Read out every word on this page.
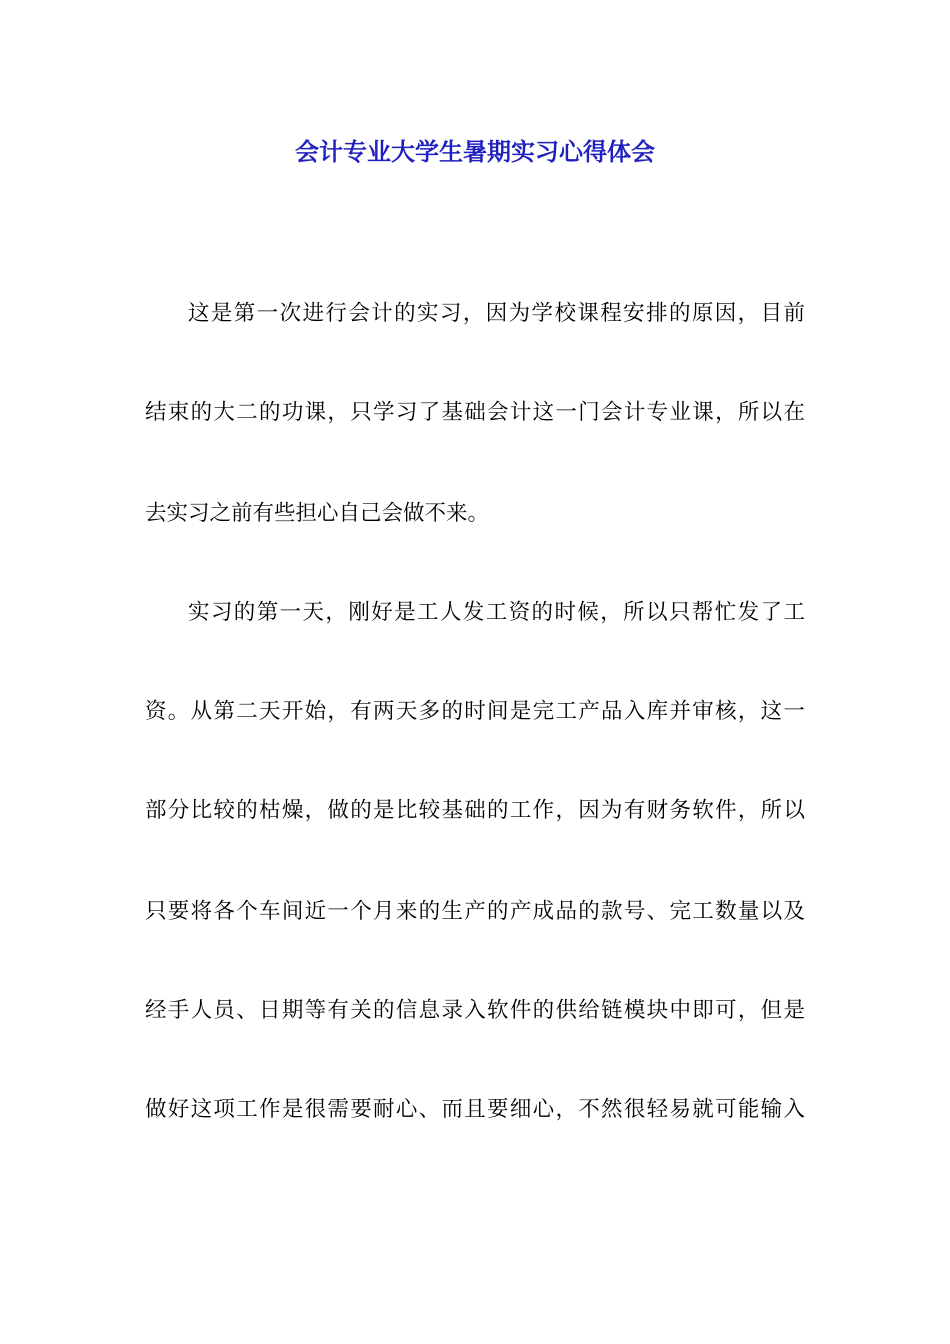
会计专业大学生暑期实习心得体会
这是第一次进行会计的实习，因为学校课程安排的原因，目前
结束的大二的功课，只学习了基础会计这一门会计专业课，所以在
去实习之前有些担心自己会做不来。
实习的第一天，刚好是工人发工资的时候，所以只帮忙发了工
资。从第二天开始，有两天多的时间是完工产品入库并审核，这一
部分比较的枯燥，做的是比较基础的工作，因为有财务软件，所以
只要将各个车间近一个月来的生产的产成品的款号、完工数量以及
经手人员、日期等有关的信息录入软件的供给链模块中即可，但是
做好这项工作是很需要耐心、而且要细心，不然很轻易就可能输入
